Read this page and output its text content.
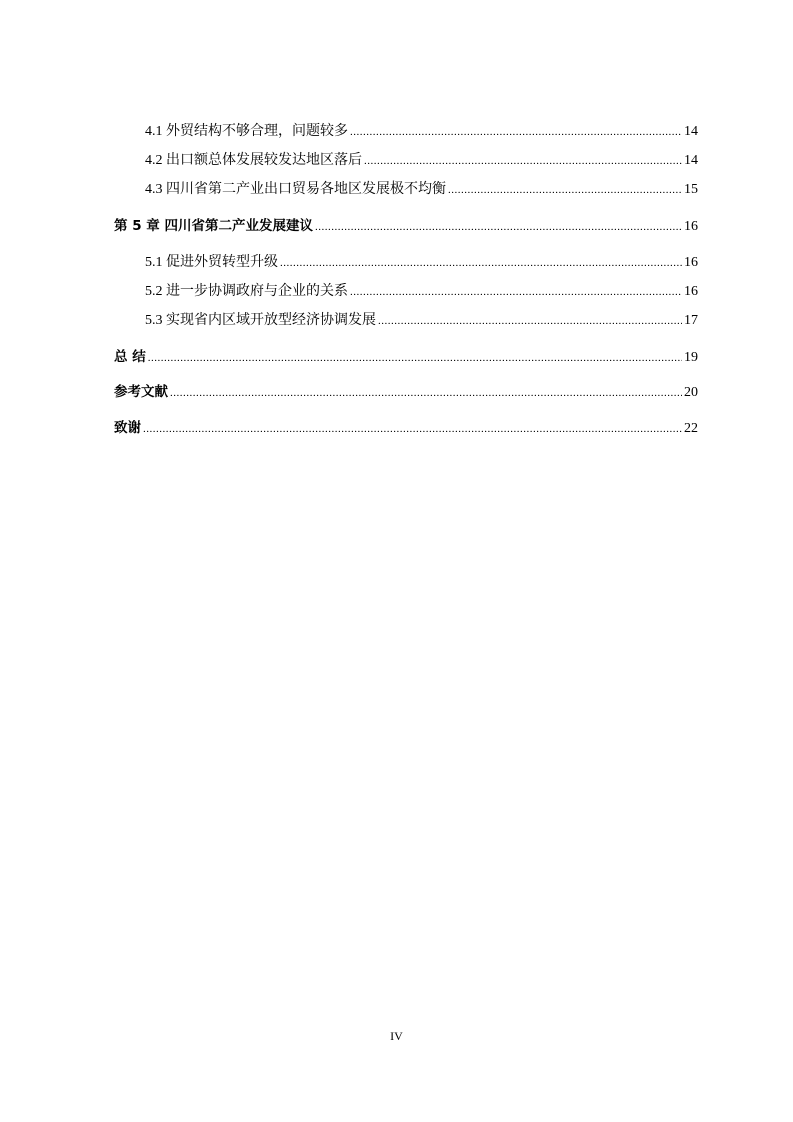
4.1 外贸结构不够合理，问题较多 .....	14
4.2 出口额总体发展较发达地区落后 .....	14
4.3 四川省第二产业出口贸易各地区发展极不均衡 .....	15
第 5 章 四川省第二产业发展建议 .....	16
5.1 促进外贸转型升级 .....	16
5.2 进一步协调政府与企业的关系 .....	16
5.3 实现省内区域开放型经济协调发展 .....	17
总 结 .....	19
参考文献 .....	20
致谢 .....	22
IV
